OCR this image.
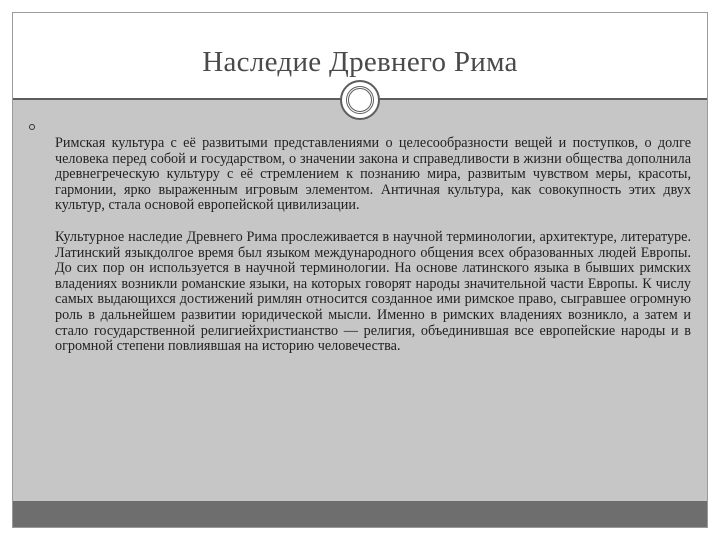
Наследие Древнего Рима

Римская культура с её развитыми представлениями о целесообразности вещей и поступков, о долге человека перед собой и государством, о значении закона и справедливости в жизни общества дополнила древнегреческую культуру с её стремлением к познанию мира, развитым чувством меры, красоты, гармонии, ярко выраженным игровым элементом. Античная культура, как совокупность этих двух культур, стала основой европейской цивилизации.

Культурное наследие Древнего Рима прослеживается в научной терминологии, архитектуре, литературе. Латинский языкдолгое время был языком международного общения всех образованных людей Европы. До сих пор он используется в научной терминологии. На основе латинского языка в бывших римских владениях возникли романские языки, на которых говорят народы значительной части Европы. К числу самых выдающихся достижений римлян относится созданное ими римское право, сыгравшее огромную роль в дальнейшем развитии юридической мысли. Именно в римских владениях возникло, а затем и стало государственной религиейхристианство — религия, объединившая все европейские народы и в огромной степени повлиявшая на историю человечества.
